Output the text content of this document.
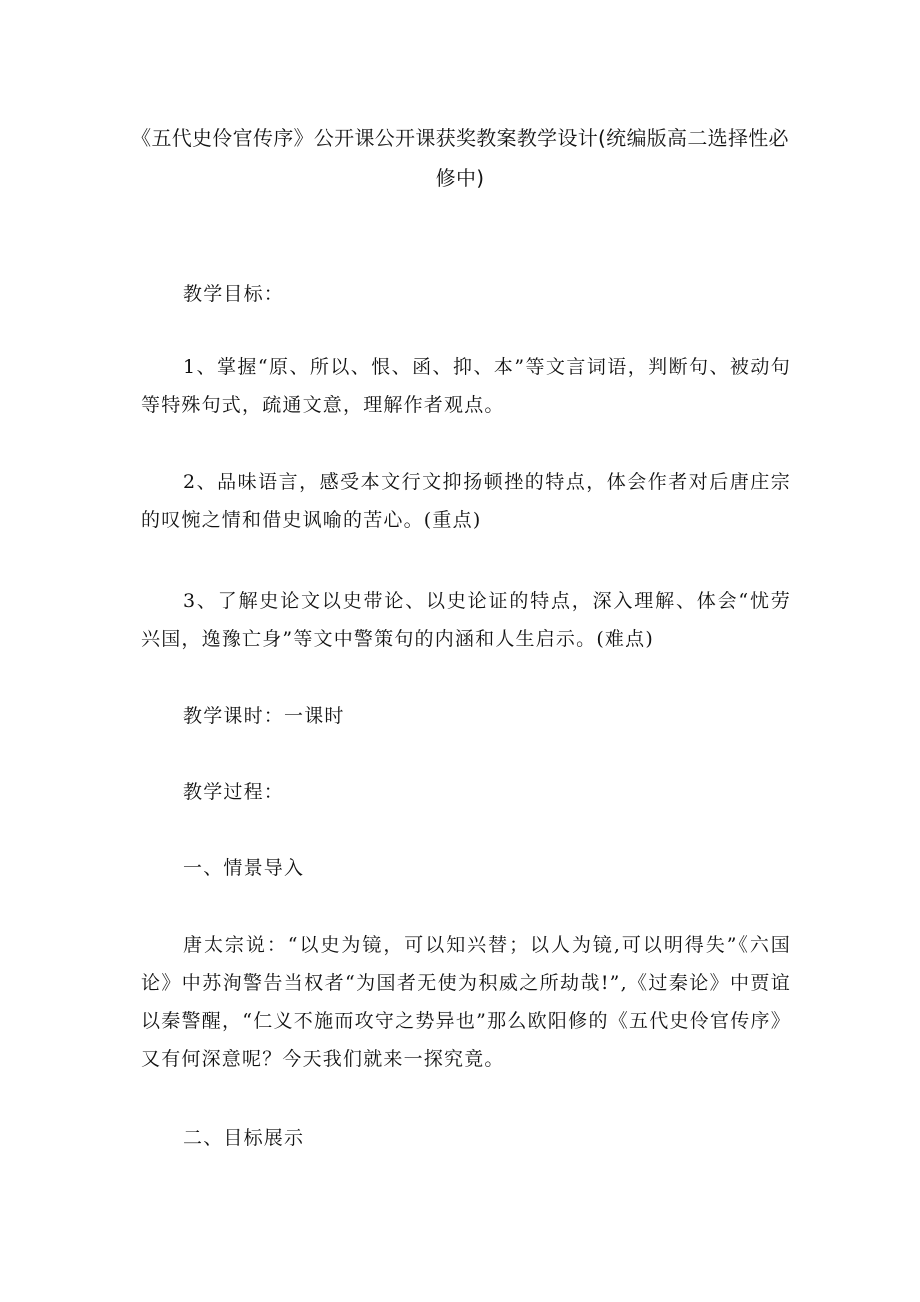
《五代史伶官传序》公开课公开课获奖教案教学设计(统编版高二选择性必修中)

教学目标：

1、掌握“原、所以、恨、函、抑、本”等文言词语，判断句、被动句等特殊句式，疏通文意，理解作者观点。

2、品味语言，感受本文行文抑扬顿挫的特点，体会作者对后唐庄宗的叹惋之情和借史讽喻的苦心。(重点)

3、了解史论文以史带论、以史论证的特点，深入理解、体会“忧劳兴国，逸豫亡身”等文中警策句的内涵和人生启示。(难点)

教学课时：一课时

教学过程：

一、情景导入

唐太宗说：“以史为镜，可以知兴替；以人为镜,可以明得失”《六国论》中苏洵警告当权者“为国者无使为积威之所劫哉!”,《过秦论》中贾谊以秦警醒，“仁义不施而攻守之势异也”那么欧阳修的《五代史伶官传序》又有何深意呢？今天我们就来一探究竟。

二、目标展示
